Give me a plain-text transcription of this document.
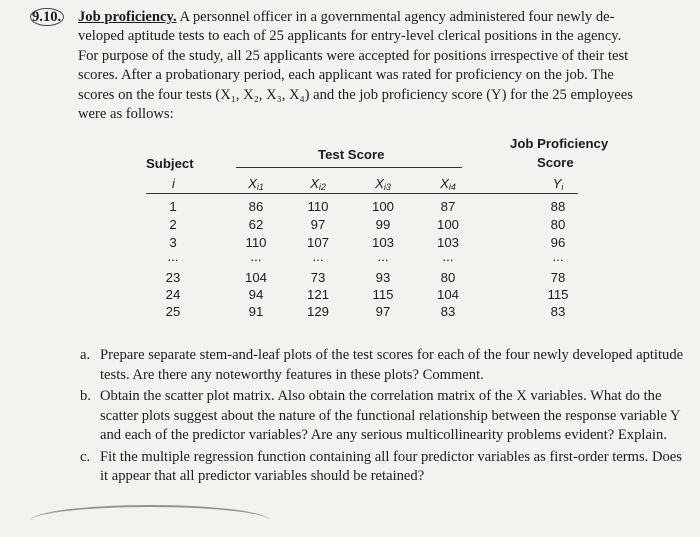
9.10. Job proficiency. A personnel officer in a governmental agency administered four newly de-
veloped aptitude tests to each of 25 applicants for entry-level clerical positions in the agency.
For purpose of the study, all 25 applicants were accepted for positions irrespective of their test
scores. After a probationary period, each applicant was rated for proficiency on the job. The
scores on the four tests (X₁, X₂, X₃, X₄) and the job proficiency score (Y) for the 25 employees
were as follows:
Subject
i
Test Score
Job Proficiency
Score
$X_{i1}$	$X_{i2}$	$X_{i3}$	$X_{i4}$	$Y_i$
1	86	110	100	87	88
2	62	97	99	100	80
3	110	107	103	103	96
...	...	...	...	...	...
23	104	73	93	80	78
24	94	121	115	104	115
25	91	129	97	83	83
a. Prepare separate stem-and-leaf plots of the test scores for each of the four newly developed aptitude tests. Are there any noteworthy features in these plots? Comment.
b. Obtain the scatter plot matrix. Also obtain the correlation matrix of the X variables. What do the scatter plots suggest about the nature of the functional relationship between the response variable Y and each of the predictor variables? Are any serious multicollinearity problems evident? Explain.
c. Fit the multiple regression function containing all four predictor variables as first-order terms. Does it appear that all predictor variables should be retained?
